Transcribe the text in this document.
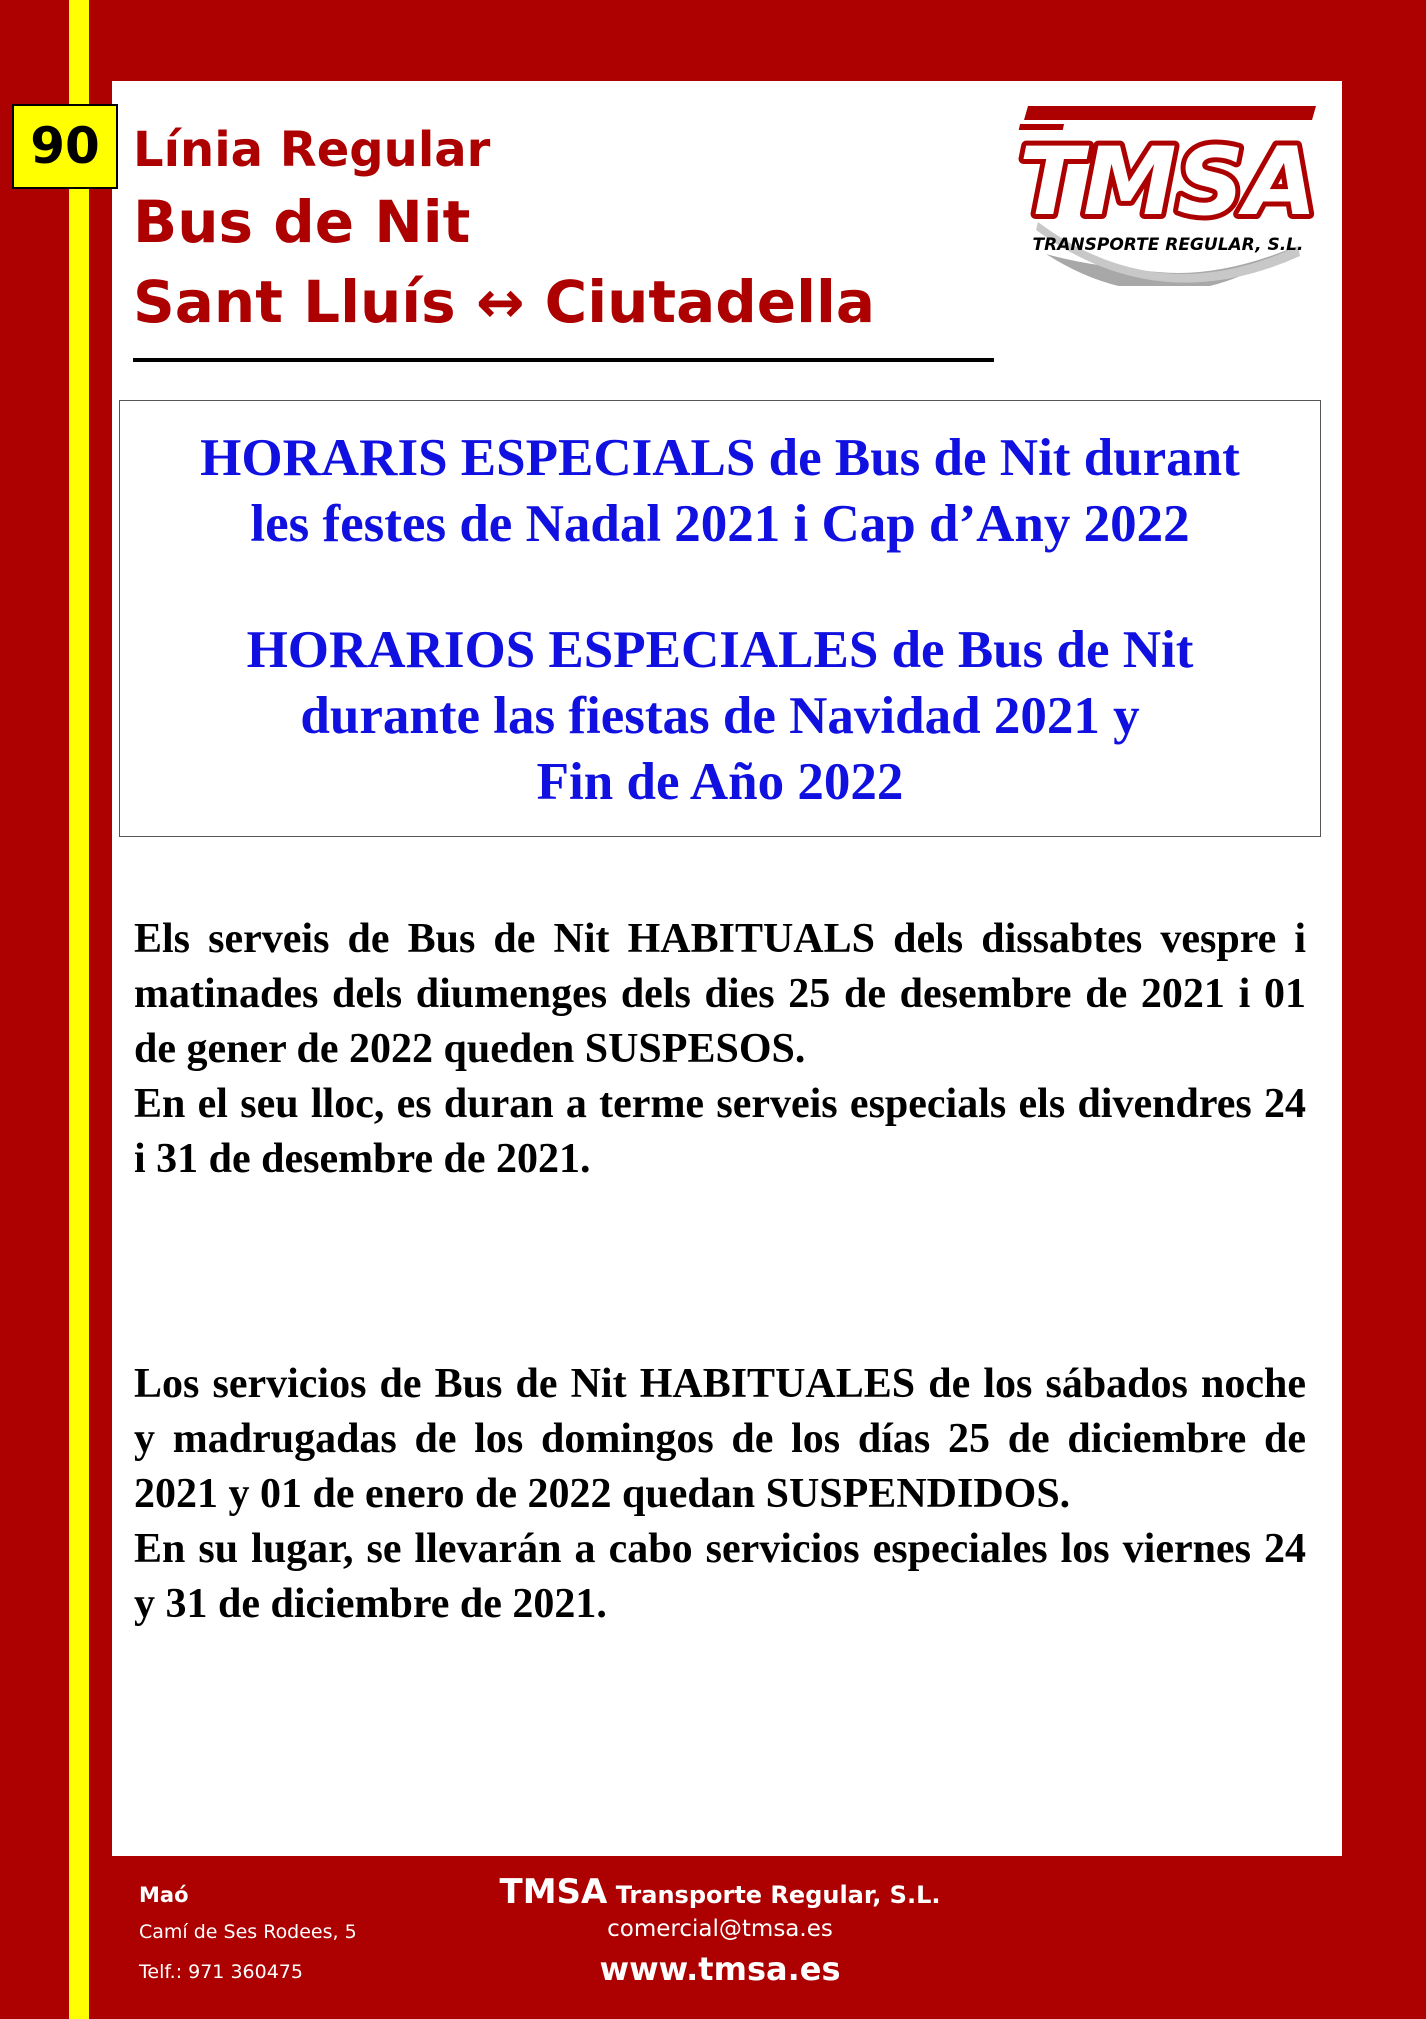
90 Línia Regular
Bus de Nit
Sant Lluís ↔ Ciutadella
TMSA
TRANSPORTE REGULAR, S.L.
HORARIS ESPECIALS de Bus de Nit durant
les festes de Nadal 2021 i Cap d’Any 2022
HORARIOS ESPECIALES de Bus de Nit
durante las fiestas de Navidad 2021 y
Fin de Año 2022

Els serveis de Bus de Nit HABITUALS dels dissabtes vespre i matinades dels diumenges dels dies 25 de desembre de 2021 i 01 de gener de 2022 queden SUSPESOS.

En el seu lloc, es duran a terme serveis especials els divendres 24 i 31 de desembre de 2021.

Los servicios de Bus de Nit HABITUALES de los sábados noche y madrugadas de los domingos de los días 25 de diciembre de 2021 y 01 de enero de 2022 quedan SUSPENDIDOS.

En su lugar, se llevarán a cabo servicios especiales los viernes 24 y 31 de diciembre de 2021.

Maó
Camí de Ses Rodees, 5
Telf.: 971 360475
TMSA Transporte Regular, S.L.
comercial@tmsa.es
www.tmsa.es
